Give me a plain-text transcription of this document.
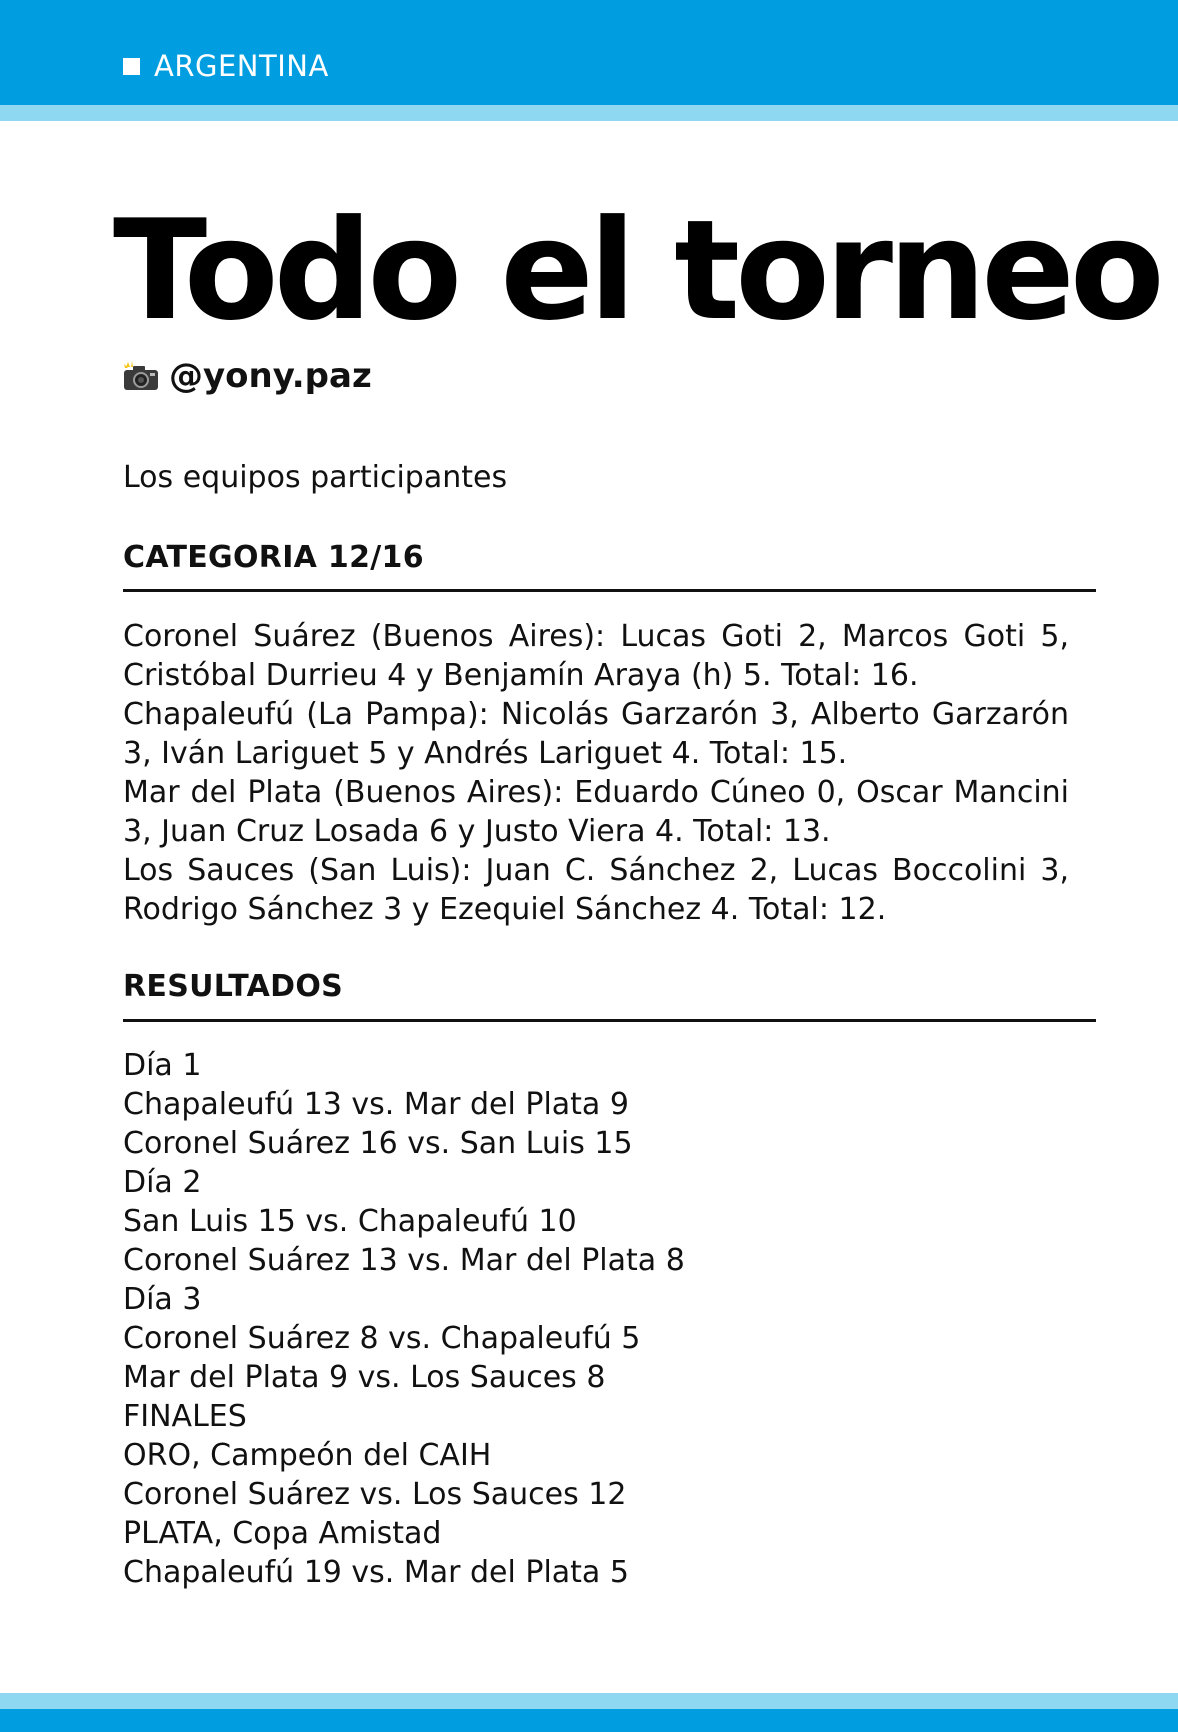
ARGENTINA
Todo el torneo
@yony.paz
Los equipos participantes
CATEGORIA 12/16

Coronel Suárez (Buenos Aires): Lucas Goti 2, Marcos Goti 5, Cristóbal Durrieu 4 y Benjamín Araya (h) 5. Total: 16.

Chapaleufú (La Pampa): Nicolás Garzarón 3, Alberto Garzarón 3, Iván Lariguet 5 y Andrés Lariguet 4. Total: 15.

Mar del Plata (Buenos Aires): Eduardo Cúneo 0, Oscar Mancini 3, Juan Cruz Losada 6 y Justo Viera 4. Total: 13.

Los Sauces (San Luis): Juan C. Sánchez 2, Lucas Boccolini 3, Rodrigo Sánchez 3 y Ezequiel Sánchez 4. Total: 12.

RESULTADOS

Día 1

Chapaleufú 13 vs. Mar del Plata 9

Coronel Suárez 16 vs. San Luis 15

Día 2

San Luis 15 vs. Chapaleufú 10

Coronel Suárez 13 vs. Mar del Plata 8

Día 3

Coronel Suárez 8 vs. Chapaleufú 5

Mar del Plata 9 vs. Los Sauces 8

FINALES

ORO, Campeón del CAIH

Coronel Suárez vs. Los Sauces 12

PLATA, Copa Amistad

Chapaleufú 19 vs. Mar del Plata 5
